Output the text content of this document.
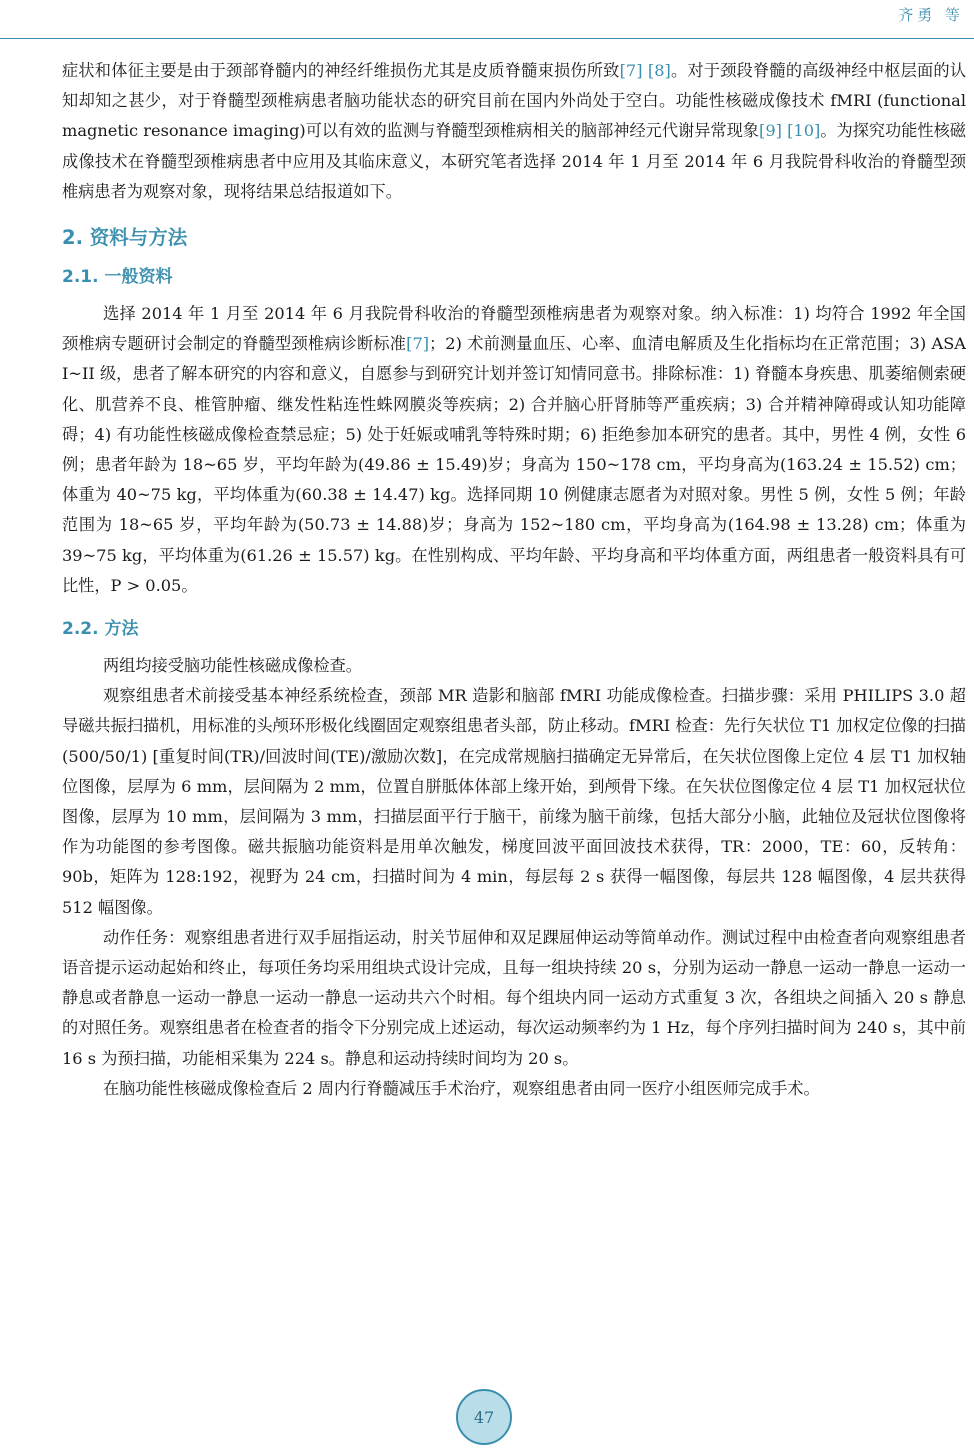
齐勇 等

症状和体征主要是由于颈部脊髓内的神经纤维损伤尤其是皮质脊髓束损伤所致[7] [8]。对于颈段脊髓的高级神经中枢层面的认知却知之甚少，对于脊髓型颈椎病患者脑功能状态的研究目前在国内外尚处于空白。功能性核磁成像技术 fMRI (functional magnetic resonance imaging)可以有效的监测与脊髓型颈椎病相关的脑部神经元代谢异常现象[9] [10]。为探究功能性核磁成像技术在脊髓型颈椎病患者中应用及其临床意义，本研究笔者选择 2014 年 1 月至 2014 年 6 月我院骨科收治的脊髓型颈椎病患者为观察对象，现将结果总结报道如下。

2. 资料与方法
2.1. 一般资料

选择 2014 年 1 月至 2014 年 6 月我院骨科收治的脊髓型颈椎病患者为观察对象。纳入标准：1) 均符合 1992 年全国颈椎病专题研讨会制定的脊髓型颈椎病诊断标准[7]；2) 术前测量血压、心率、血清电解质及生化指标均在正常范围；3) ASA I~II 级，患者了解本研究的内容和意义，自愿参与到研究计划并签订知情同意书。排除标准：1) 脊髓本身疾患、肌萎缩侧索硬化、肌营养不良、椎管肿瘤、继发性粘连性蛛网膜炎等疾病；2) 合并脑心肝肾肺等严重疾病；3) 合并精神障碍或认知功能障碍；4) 有功能性核磁成像检查禁忌症；5) 处于妊娠或哺乳等特殊时期；6) 拒绝参加本研究的患者。其中，男性 4 例，女性 6 例；患者年龄为 18~65 岁，平均年龄为(49.86 ± 15.49)岁；身高为 150~178 cm，平均身高为(163.24 ± 15.52) cm；体重为 40~75 kg，平均体重为(60.38 ± 14.47) kg。选择同期 10 例健康志愿者为对照对象。男性 5 例，女性 5 例；年龄范围为 18~65 岁，平均年龄为(50.73 ± 14.88)岁；身高为 152~180 cm，平均身高为(164.98 ± 13.28) cm；体重为 39~75 kg，平均体重为(61.26 ± 15.57) kg。在性别构成、平均年龄、平均身高和平均体重方面，两组患者一般资料具有可比性，P > 0.05。

2.2. 方法

两组均接受脑功能性核磁成像检查。

观察组患者术前接受基本神经系统检查，颈部 MR 造影和脑部 fMRI 功能成像检查。扫描步骤：采用 PHILIPS 3.0 超导磁共振扫描机，用标准的头颅环形极化线圈固定观察组患者头部，防止移动。fMRI 检查：先行矢状位 T1 加权定位像的扫描(500/50/1) [重复时间(TR)/回波时间(TE)/激励次数]，在完成常规脑扫描确定无异常后，在矢状位图像上定位 4 层 T1 加权轴位图像，层厚为 6 mm，层间隔为 2 mm，位置自胼胝体体部上缘开始，到颅骨下缘。在矢状位图像定位 4 层 T1 加权冠状位图像，层厚为 10 mm，层间隔为 3 mm，扫描层面平行于脑干，前缘为脑干前缘，包括大部分小脑，此轴位及冠状位图像将作为功能图的参考图像。磁共振脑功能资料是用单次触发，梯度回波平面回波技术获得，TR：2000，TE：60，反转角：90b，矩阵为 128:192，视野为 24 cm，扫描时间为 4 min，每层每 2 s 获得一幅图像，每层共 128 幅图像，4 层共获得 512 幅图像。

动作任务：观察组患者进行双手屈指运动，肘关节屈伸和双足踝屈伸运动等简单动作。测试过程中由检查者向观察组患者语音提示运动起始和终止，每项任务均采用组块式设计完成，且每一组块持续 20 s，分别为运动一静息一运动一静息一运动一静息或者静息一运动一静息一运动一静息一运动共六个时相。每个组块内同一运动方式重复 3 次，各组块之间插入 20 s 静息的对照任务。观察组患者在检查者的指令下分别完成上述运动，每次运动频率约为 1 Hz，每个序列扫描时间为 240 s，其中前 16 s 为预扫描，功能相采集为 224 s。静息和运动持续时间均为 20 s。

在脑功能性核磁成像检查后 2 周内行脊髓减压手术治疗，观察组患者由同一医疗小组医师完成手术。

47
